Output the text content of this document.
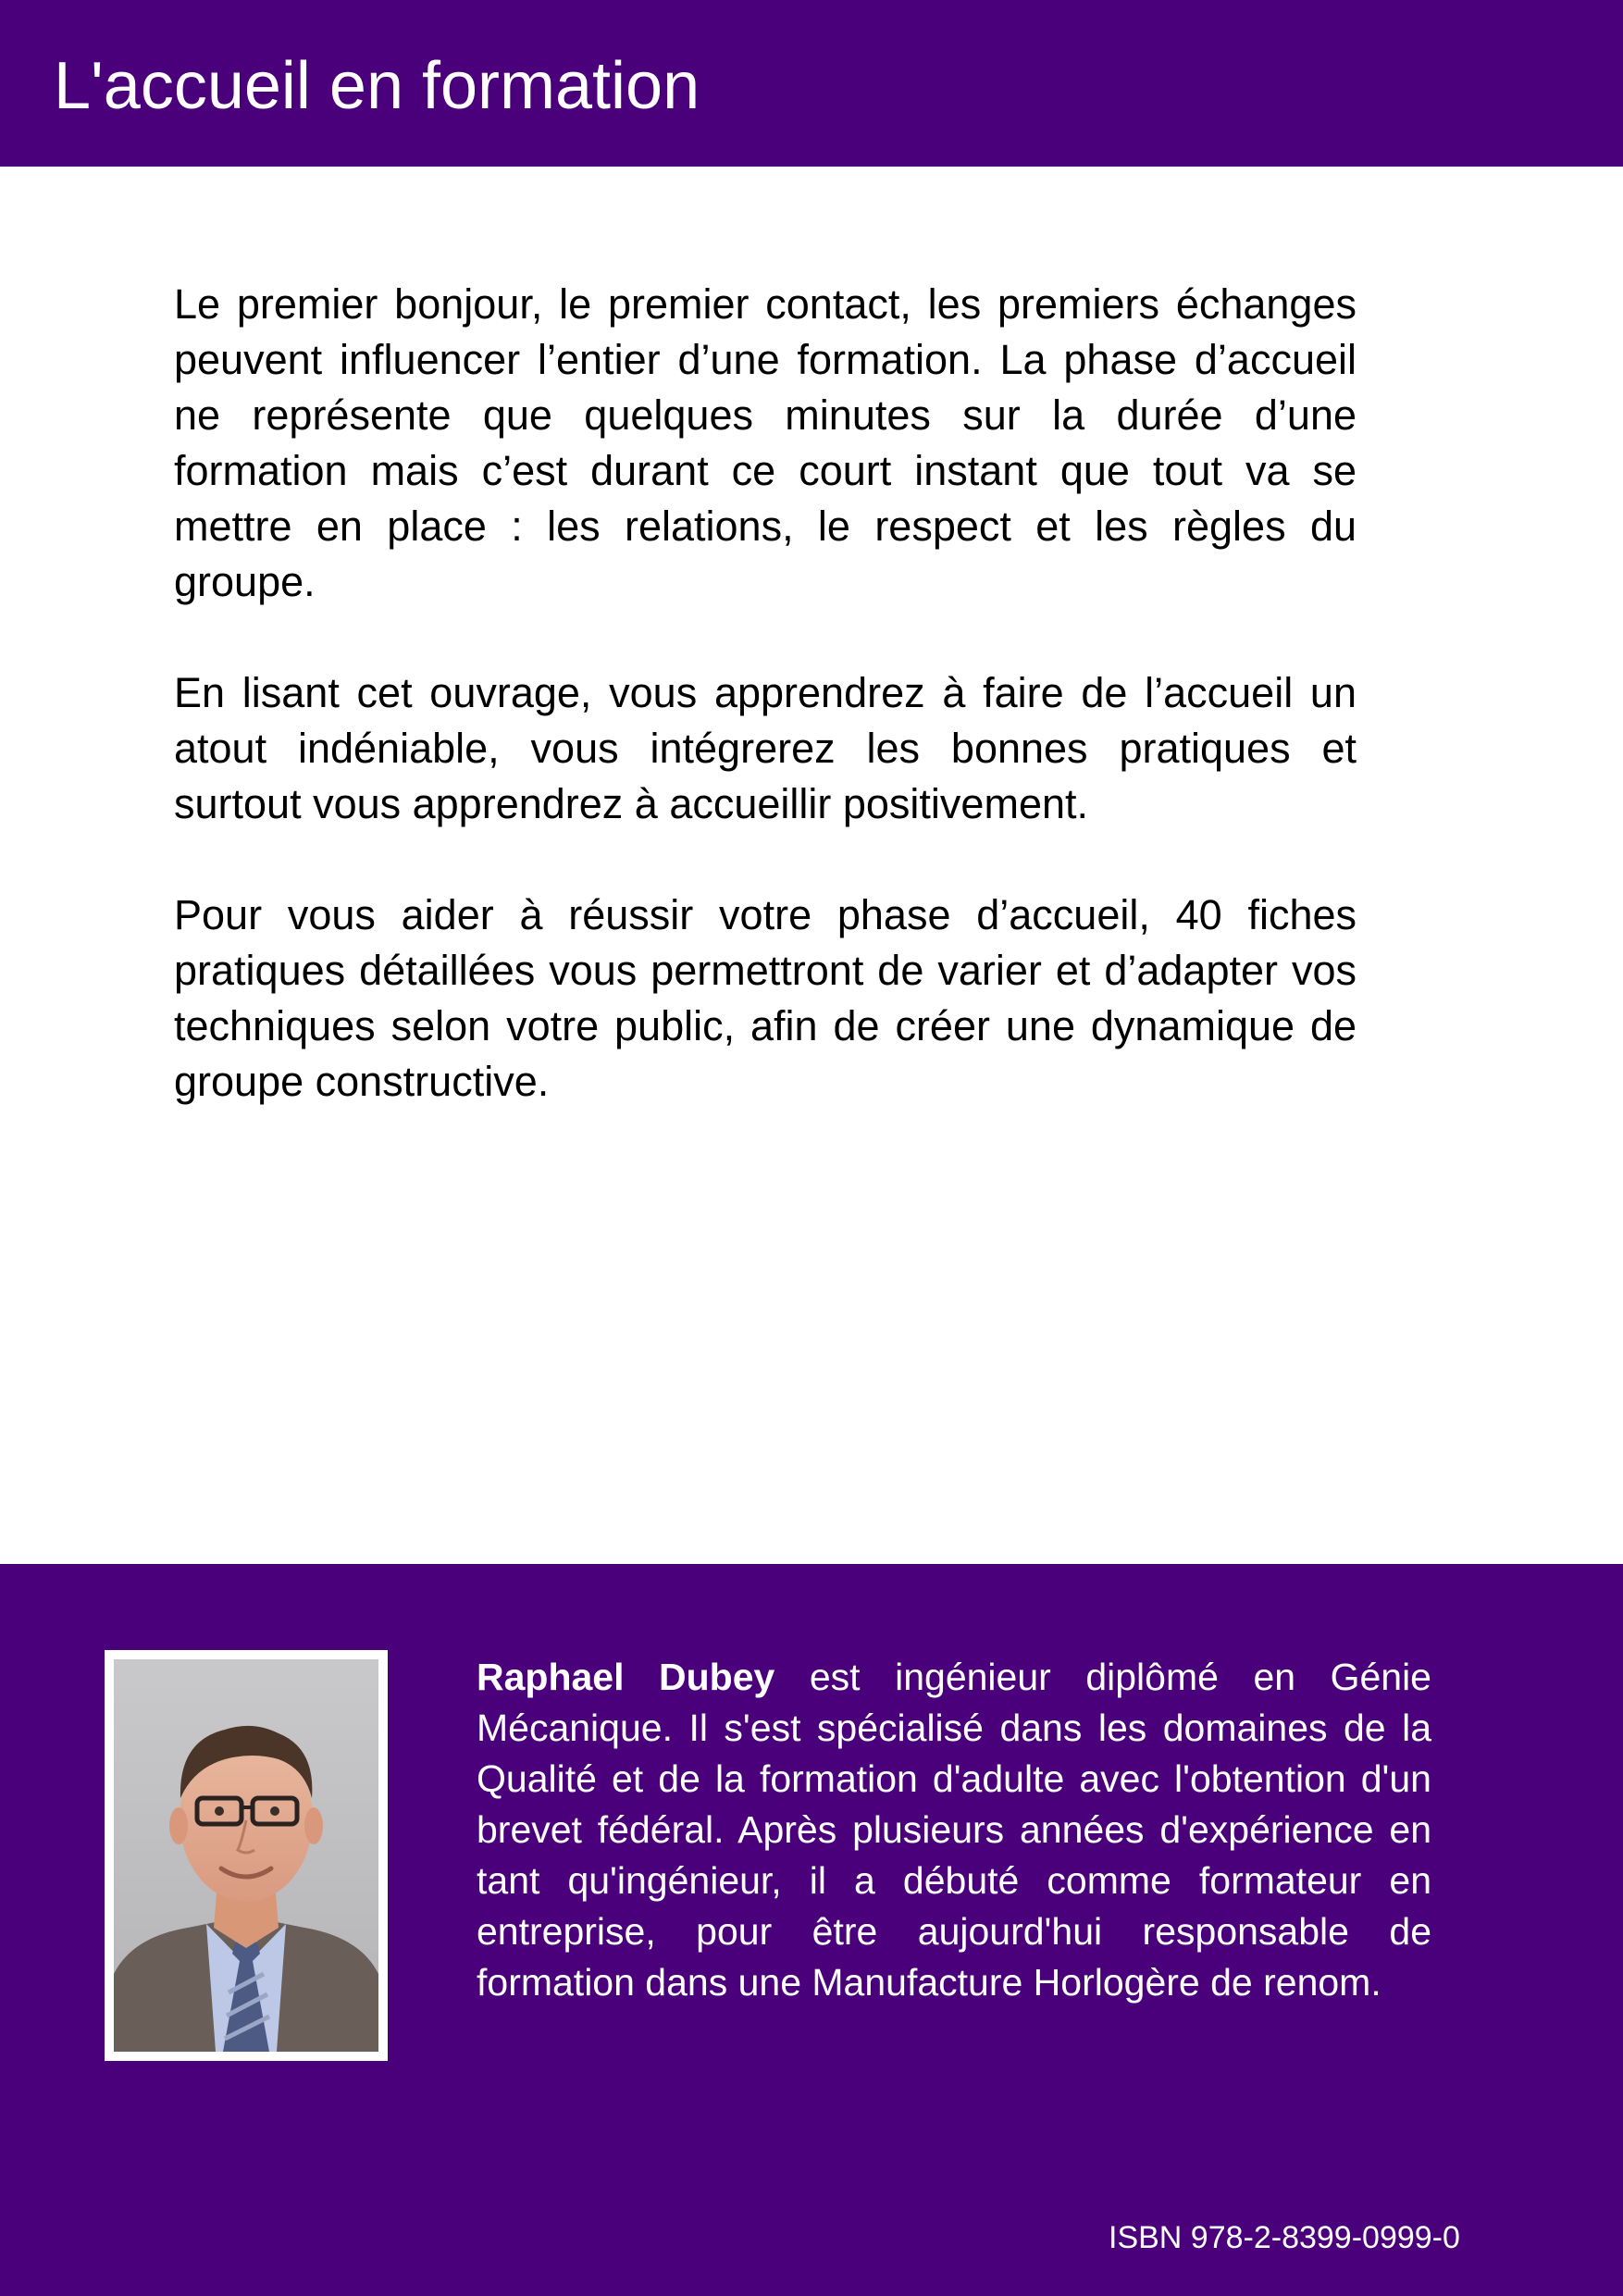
L'accueil en formation

Le premier bonjour, le premier contact, les premiers échanges peuvent influencer l’entier d’une formation. La phase d’accueil ne représente que quelques minutes sur la durée d’une formation mais c’est durant ce court instant que tout va se mettre en place : les relations, le respect et les règles du groupe.

En lisant cet ouvrage, vous apprendrez à faire de l’accueil un atout indéniable, vous intégrerez les bonnes pratiques et surtout vous apprendrez à accueillir positivement.

Pour vous aider à réussir votre phase d’accueil, 40 fiches pratiques détaillées vous permettront de varier et d’adapter vos techniques selon votre public, afin de créer une dynamique de groupe constructive.

Raphael Dubey est ingénieur diplômé en Génie Mécanique. Il s'est spécialisé dans les domaines de la Qualité et de la formation d'adulte avec l'obtention d'un brevet fédéral. Après plusieurs années d'expérience en tant qu'ingénieur, il a débuté comme formateur en entreprise, pour être aujourd'hui responsable de formation dans une Manufacture Horlogère de renom.

ISBN 978-2-8399-0999-0
